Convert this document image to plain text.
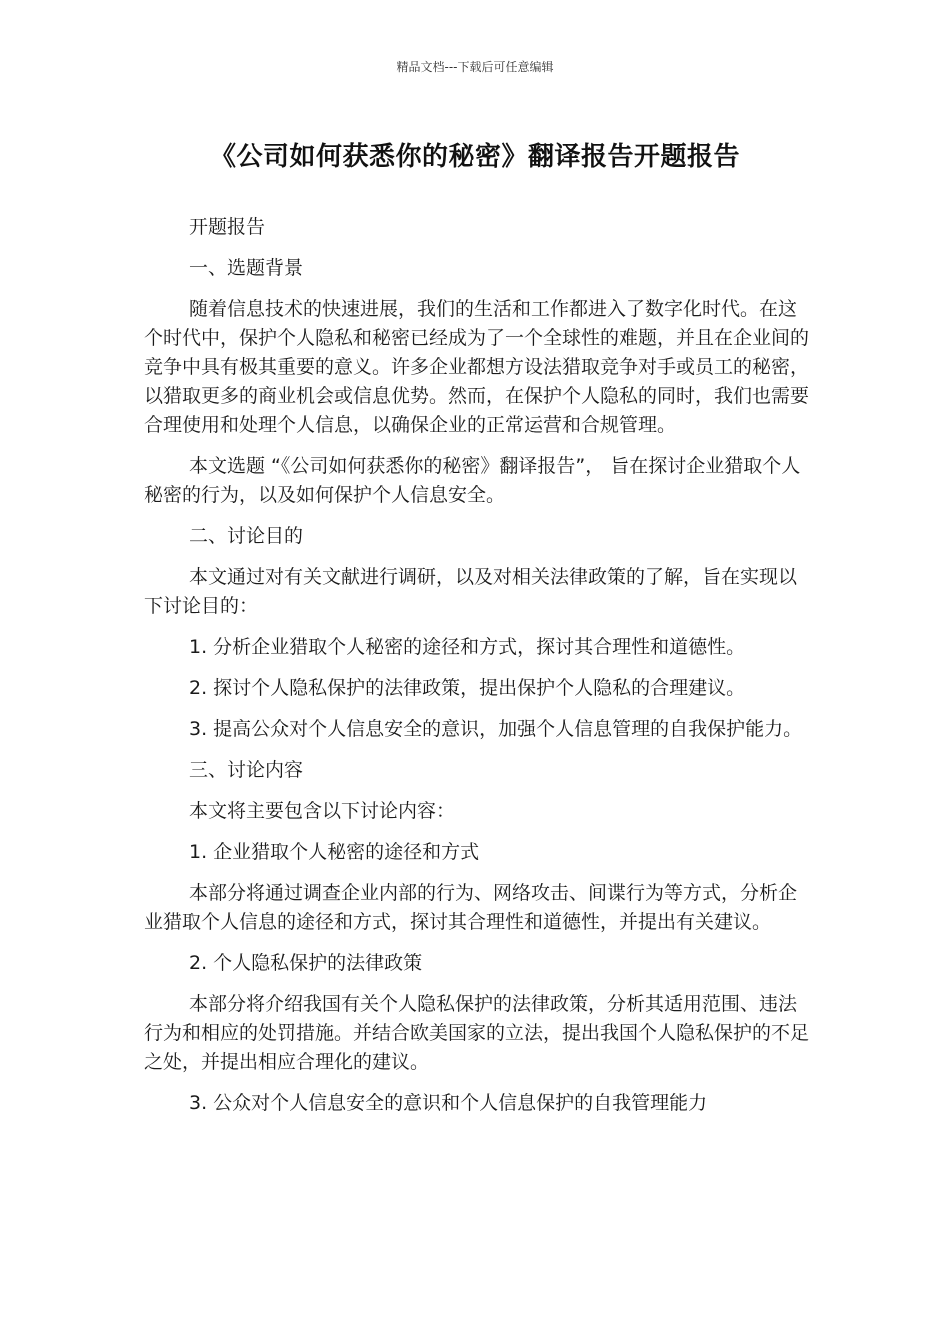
精品文档---下载后可任意编辑
《公司如何获悉你的秘密》翻译报告开题报告

开题报告

一、选题背景

随着信息技术的快速进展，我们的生活和工作都进入了数字化时代。在这个时代中，保护个人隐私和秘密已经成为了一个全球性的难题，并且在企业间的竞争中具有极其重要的意义。许多企业都想方设法猎取竞争对手或员工的秘密，以猎取更多的商业机会或信息优势。然而，在保护个人隐私的同时，我们也需要合理使用和处理个人信息，以确保企业的正常运营和合规管理。

本文选题 “《公司如何获悉你的秘密》翻译报告”， 旨在探讨企业猎取个人秘密的行为，以及如何保护个人信息安全。

二、讨论目的

本文通过对有关文献进行调研，以及对相关法律政策的了解，旨在实现以下讨论目的：

1. 分析企业猎取个人秘密的途径和方式，探讨其合理性和道德性。

2. 探讨个人隐私保护的法律政策，提出保护个人隐私的合理建议。

3. 提高公众对个人信息安全的意识，加强个人信息管理的自我保护能力。

三、讨论内容

本文将主要包含以下讨论内容：

1. 企业猎取个人秘密的途径和方式

本部分将通过调查企业内部的行为、网络攻击、间谍行为等方式，分析企业猎取个人信息的途径和方式，探讨其合理性和道德性，并提出有关建议。

2. 个人隐私保护的法律政策

本部分将介绍我国有关个人隐私保护的法律政策，分析其适用范围、违法行为和相应的处罚措施。并结合欧美国家的立法，提出我国个人隐私保护的不足之处，并提出相应合理化的建议。

3. 公众对个人信息安全的意识和个人信息保护的自我管理能力
